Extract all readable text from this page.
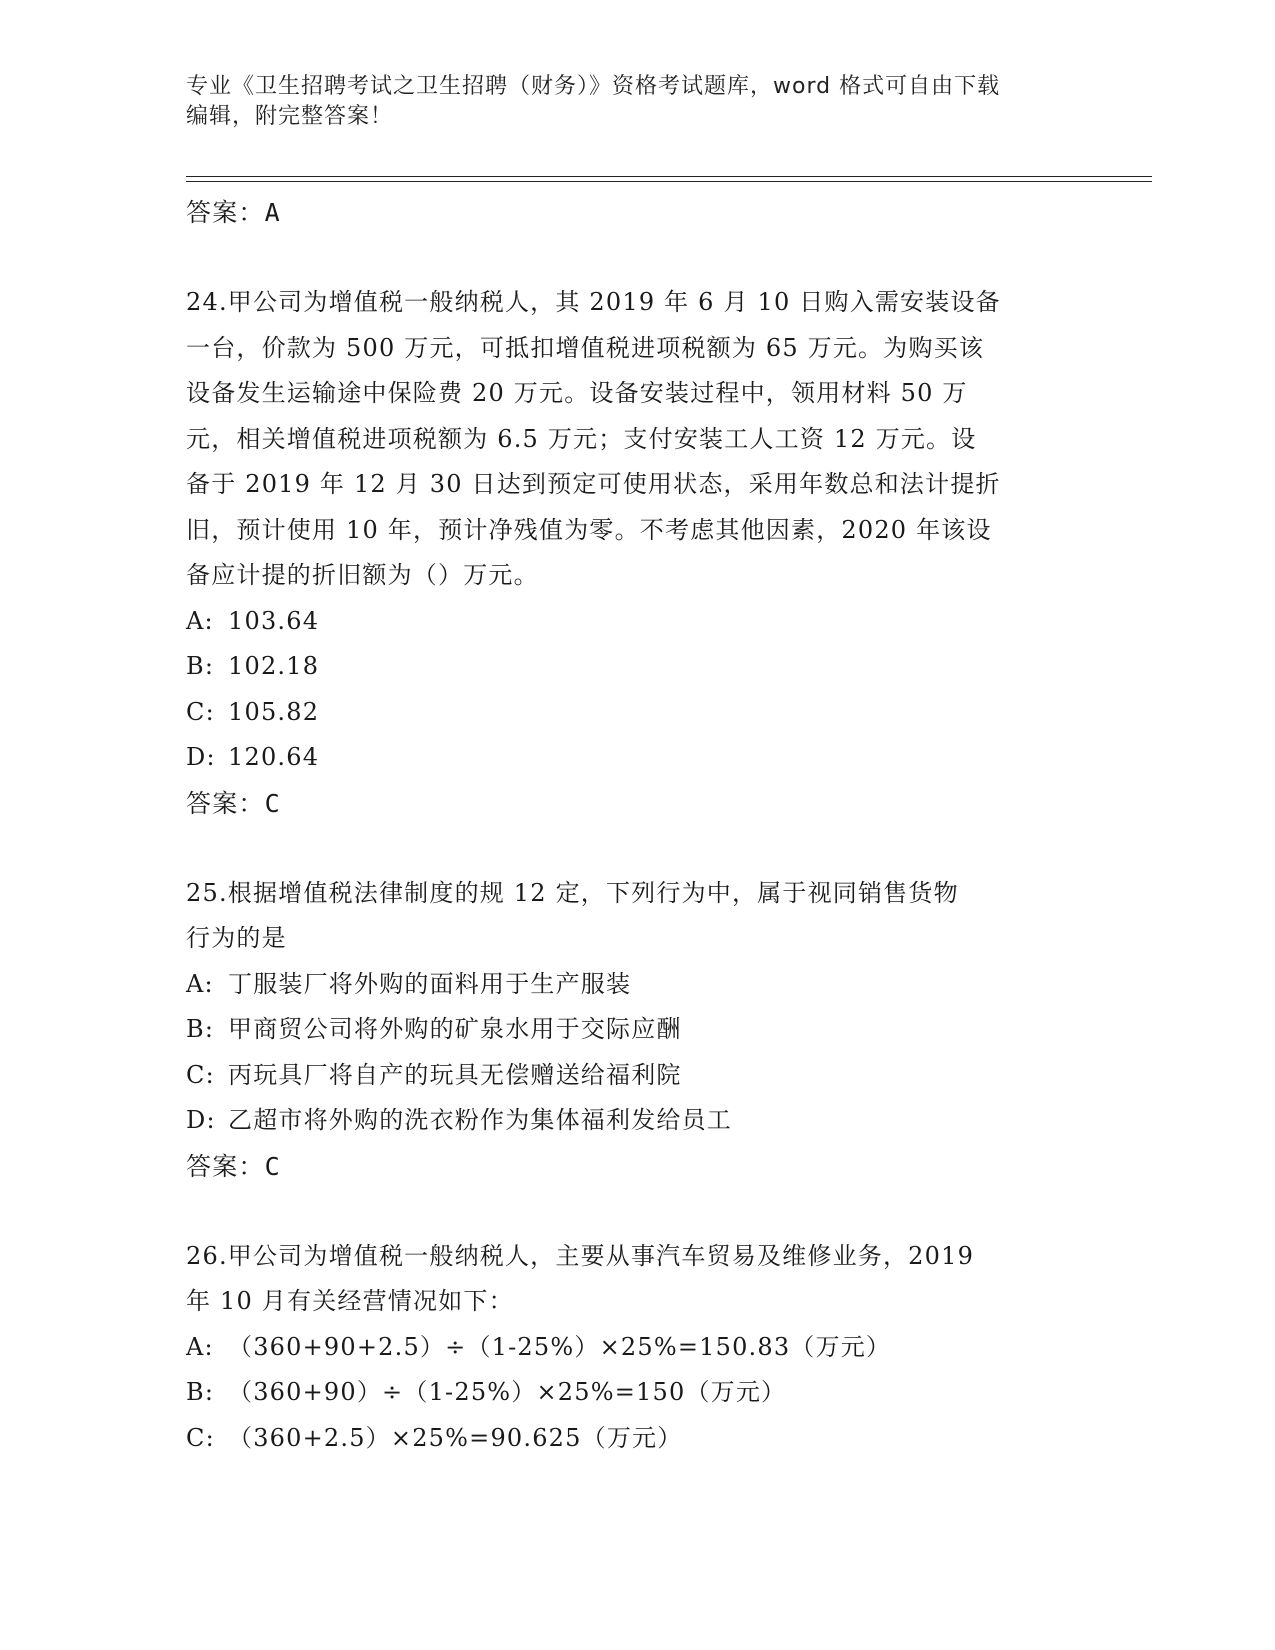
专业《卫生招聘考试之卫生招聘（财务）》资格考试题库，word 格式可自由下载
编辑，附完整答案！
答案：A
24.甲公司为增值税一般纳税人，其 2019 年 6 月 10 日购入需安装设备
一台，价款为 500 万元，可抵扣增值税进项税额为 65 万元。为购买该
设备发生运输途中保险费 20 万元。设备安装过程中，领用材料 50 万
元，相关增值税进项税额为 6.5 万元；支付安装工人工资 12 万元。设
备于 2019 年 12 月 30 日达到预定可使用状态，采用年数总和法计提折
旧，预计使用 10 年，预计净残值为零。不考虑其他因素，2020 年该设
备应计提的折旧额为（）万元。
A: 103.64
B: 102.18
C: 105.82
D: 120.64
答案：C
25.根据增值税法律制度的规 12 定，下列行为中，属于视同销售货物
行为的是
A: 丁服装厂将外购的面料用于生产服装
B: 甲商贸公司将外购的矿泉水用于交际应酬
C: 丙玩具厂将自产的玩具无偿赠送给福利院
D: 乙超市将外购的洗衣粉作为集体福利发给员工
答案：C
26.甲公司为增值税一般纳税人，主要从事汽车贸易及维修业务，2019
年 10 月有关经营情况如下：
A: （360+90+2.5）÷（1-25%）×25%=150.83（万元）
B: （360+90）÷（1-25%）×25%=150（万元）
C: （360+2.5）×25%=90.625（万元）
